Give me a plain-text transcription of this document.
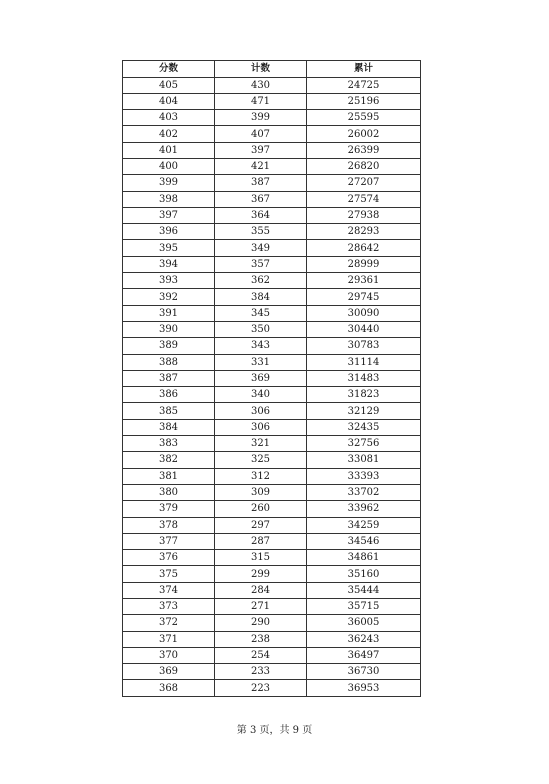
分数	计数	累计
405	430	24725
404	471	25196
403	399	25595
402	407	26002
401	397	26399
400	421	26820
399	387	27207
398	367	27574
397	364	27938
396	355	28293
395	349	28642
394	357	28999
393	362	29361
392	384	29745
391	345	30090
390	350	30440
389	343	30783
388	331	31114
387	369	31483
386	340	31823
385	306	32129
384	306	32435
383	321	32756
382	325	33081
381	312	33393
380	309	33702
379	260	33962
378	297	34259
377	287	34546
376	315	34861
375	299	35160
374	284	35444
373	271	35715
372	290	36005
371	238	36243
370	254	36497
369	233	36730
368	223	36953
第 3 页，共 9 页
